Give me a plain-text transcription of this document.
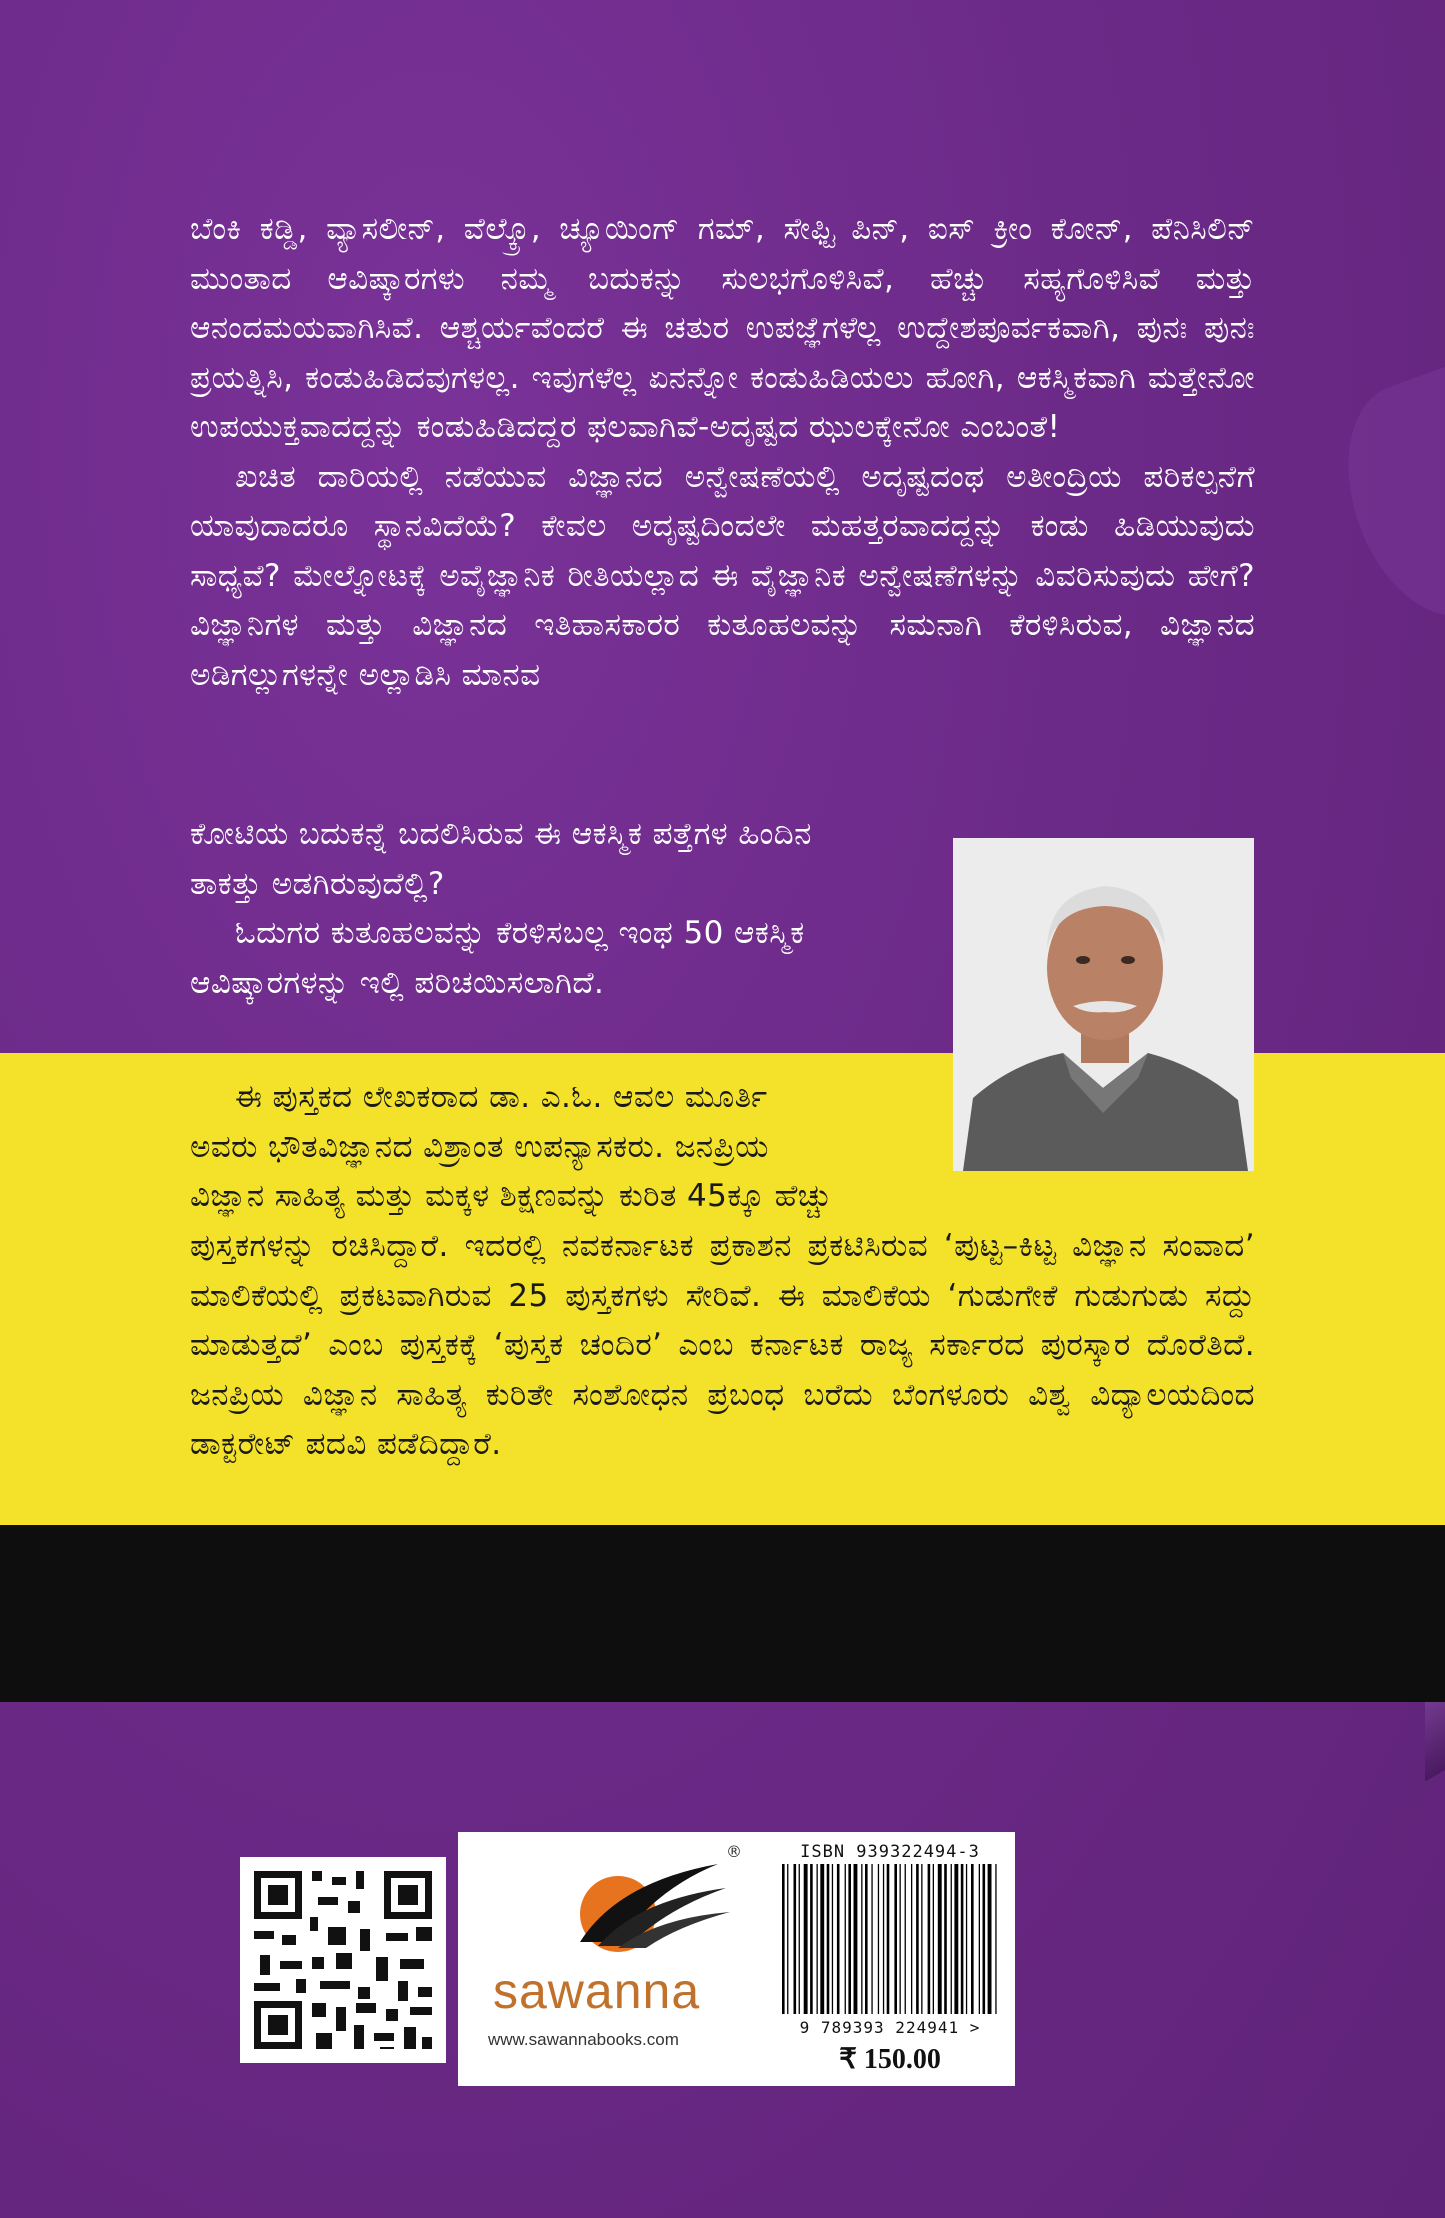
ಬೆಂಕಿ ಕಡ್ಡಿ, ವ್ಯಾಸಲೀನ್, ವೆಲ್ಕ್ರೊ, ಚ್ಯೂಯಿಂಗ್ ಗಮ್, ಸೇಫ್ಟಿ ಪಿನ್, ಐಸ್ ಕ್ರೀಂ ಕೋನ್, ಪೆನಿಸಿಲಿನ್ ಮುಂತಾದ ಆವಿಷ್ಕಾರಗಳು ನಮ್ಮ ಬದುಕನ್ನು ಸುಲಭಗೊಳಿಸಿವೆ, ಹೆಚ್ಚು ಸಹ್ಯಗೊಳಿಸಿವೆ ಮತ್ತು ಆನಂದಮಯವಾಗಿಸಿವೆ. ಆಶ್ಚರ್ಯವೆಂದರೆ ಈ ಚತುರ ಉಪಜ್ಞೆಗಳೆಲ್ಲ ಉದ್ದೇಶಪೂರ್ವಕವಾಗಿ, ಪುನಃ ಪುನಃ ಪ್ರಯತ್ನಿಸಿ, ಕಂಡುಹಿಡಿದವುಗಳಲ್ಲ. ಇವುಗಳೆಲ್ಲ ಏನನ್ನೋ ಕಂಡುಹಿಡಿಯಲು ಹೋಗಿ, ಆಕಸ್ಮಿಕವಾಗಿ ಮತ್ತೇನೋ ಉಪಯುಕ್ತವಾದದ್ದನ್ನು ಕಂಡುಹಿಡಿದದ್ದರ ಫಲವಾಗಿವೆ-ಅದೃಷ್ಟದ ಝುಲಕ್ಕೇನೋ ಎಂಬಂತೆ!

ಖಚಿತ ದಾರಿಯಲ್ಲಿ ನಡೆಯುವ ವಿಜ್ಞಾನದ ಅನ್ವೇಷಣೆಯಲ್ಲಿ ಅದೃಷ್ಟದಂಥ ಅತೀಂದ್ರಿಯ ಪರಿಕಲ್ಪನೆಗೆ ಯಾವುದಾದರೂ ಸ್ಥಾನವಿದೆಯೆ? ಕೇವಲ ಅದೃಷ್ಟದಿಂದಲೇ ಮಹತ್ತರವಾದದ್ದನ್ನು ಕಂಡು ಹಿಡಿಯುವುದು ಸಾಧ್ಯವೆ? ಮೇಲ್ನೋಟಕ್ಕೆ ಅವೈಜ್ಞಾನಿಕ ರೀತಿಯಲ್ಲಾದ ಈ ವೈಜ್ಞಾನಿಕ ಅನ್ವೇಷಣೆಗಳನ್ನು ವಿವರಿಸುವುದು ಹೇಗೆ? ವಿಜ್ಞಾನಿಗಳ ಮತ್ತು ವಿಜ್ಞಾನದ ಇತಿಹಾಸಕಾರರ ಕುತೂಹಲವನ್ನು ಸಮನಾಗಿ ಕೆರಳಿಸಿರುವ, ವಿಜ್ಞಾನದ ಅಡಿಗಲ್ಲುಗಳನ್ನೇ ಅಲ್ಲಾಡಿಸಿ ಮಾನವ

ಕೋಟಿಯ ಬದುಕನ್ನೆ ಬದಲಿಸಿರುವ ಈ ಆಕಸ್ಮಿಕ ಪತ್ತೆಗಳ ಹಿಂದಿನ

ತಾಕತ್ತು ಅಡಗಿರುವುದೆಲ್ಲಿ?

ಓದುಗರ ಕುತೂಹಲವನ್ನು ಕೆರಳಿಸಬಲ್ಲ ಇಂಥ 50 ಆಕಸ್ಮಿಕ

ಆವಿಷ್ಕಾರಗಳನ್ನು ಇಲ್ಲಿ ಪರಿಚಯಿಸಲಾಗಿದೆ.

ಈ ಪುಸ್ತಕದ ಲೇಖಕರಾದ ಡಾ. ಎ.ಓ. ಆವಲ ಮೂರ್ತಿ

ಅವರು ಭೌತವಿಜ್ಞಾನದ ವಿಶ್ರಾಂತ ಉಪನ್ಯಾಸಕರು. ಜನಪ್ರಿಯ

ವಿಜ್ಞಾನ ಸಾಹಿತ್ಯ ಮತ್ತು ಮಕ್ಕಳ ಶಿಕ್ಷಣವನ್ನು ಕುರಿತ 45ಕ್ಕೂ ಹೆಚ್ಚು

ಪುಸ್ತಕಗಳನ್ನು ರಚಿಸಿದ್ದಾರೆ. ಇದರಲ್ಲಿ ನವಕರ್ನಾಟಕ ಪ್ರಕಾಶನ ಪ್ರಕಟಿಸಿರುವ ‘ಪುಟ್ಟ–ಕಿಟ್ಟ ವಿಜ್ಞಾನ ಸಂವಾದ’ ಮಾಲಿಕೆಯಲ್ಲಿ ಪ್ರಕಟವಾಗಿರುವ 25 ಪುಸ್ತಕಗಳು ಸೇರಿವೆ. ಈ ಮಾಲಿಕೆಯ ‘ಗುಡುಗೇಕೆ ಗುಡುಗುಡು ಸದ್ದು ಮಾಡುತ್ತದೆ’ ಎಂಬ ಪುಸ್ತಕಕ್ಕೆ ‘ಪುಸ್ತಕ ಚಂದಿರ’ ಎಂಬ ಕರ್ನಾಟಕ ರಾಜ್ಯ ಸರ್ಕಾರದ ಪುರಸ್ಕಾರ ದೊರೆತಿದೆ. ಜನಪ್ರಿಯ ವಿಜ್ಞಾನ ಸಾಹಿತ್ಯ ಕುರಿತೇ ಸಂಶೋಧನ ಪ್ರಬಂಧ ಬರೆದು ಬೆಂಗಳೂರು ವಿಶ್ವ ವಿದ್ಯಾಲಯದಿಂದ ಡಾಕ್ಟರೇಟ್ ಪದವಿ ಪಡೆದಿದ್ದಾರೆ.

®
sawanna
www.sawannabooks.com
ISBN 939322494-3
9 789393 224941 >
₹ 150.00
